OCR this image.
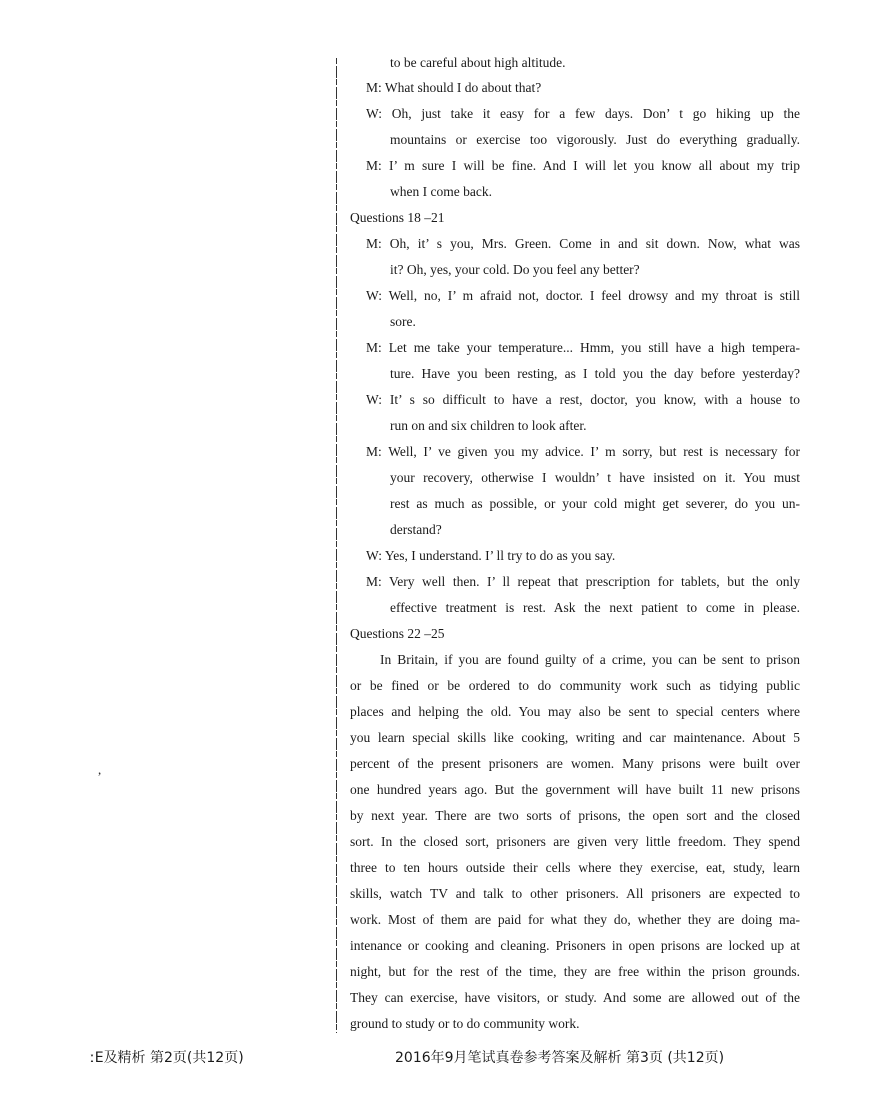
,
to be careful about high altitude.
M: What should I do about that?
W: Oh, just take it easy for a few days. Don’ t go hiking up the
mountains or exercise too vigorously. Just do everything gradually.
M: I’ m sure I will be fine. And I will let you know all about my trip
when I come back.
Questions 18 –21
M: Oh, it’ s you, Mrs. Green. Come in and sit down. Now, what was
it? Oh, yes, your cold. Do you feel any better?
W: Well, no, I’ m afraid not, doctor. I feel drowsy and my throat is still
sore.
M: Let me take your temperature... Hmm, you still have a high tempera-
ture. Have you been resting, as I told you the day before yesterday?
W: It’ s so difficult to have a rest, doctor, you know, with a house to
run on and six children to look after.
M: Well, I’ ve given you my advice. I’ m sorry, but rest is necessary for
your recovery, otherwise I wouldn’ t have insisted on it. You must
rest as much as possible, or your cold might get severer, do you un-
derstand?
W: Yes, I understand. I’ ll try to do as you say.
M: Very well then. I’ ll repeat that prescription for tablets, but the only
effective treatment is rest. Ask the next patient to come in please.
Questions 22 –25
In Britain, if you are found guilty of a crime, you can be sent to prison
or be fined or be ordered to do community work such as tidying public
places and helping the old. You may also be sent to special centers where
you learn special skills like cooking, writing and car maintenance. About 5
percent of the present prisoners are women. Many prisons were built over
one hundred years ago. But the government will have built 11 new prisons
by next year. There are two sorts of prisons, the open sort and the closed
sort. In the closed sort, prisoners are given very little freedom. They spend
three to ten hours outside their cells where they exercise, eat, study, learn
skills, watch TV and talk to other prisoners. All prisoners are expected to
work. Most of them are paid for what they do, whether they are doing ma-
intenance or cooking and cleaning. Prisoners in open prisons are locked up at
night, but for the rest of the time, they are free within the prison grounds.
They can exercise, have visitors, or study. And some are allowed out of the
ground to study or to do community work.
ːE及精析 第2页(共12页)	2016年9月笔试真卷参考答案及解析 第3页 (共12页)
